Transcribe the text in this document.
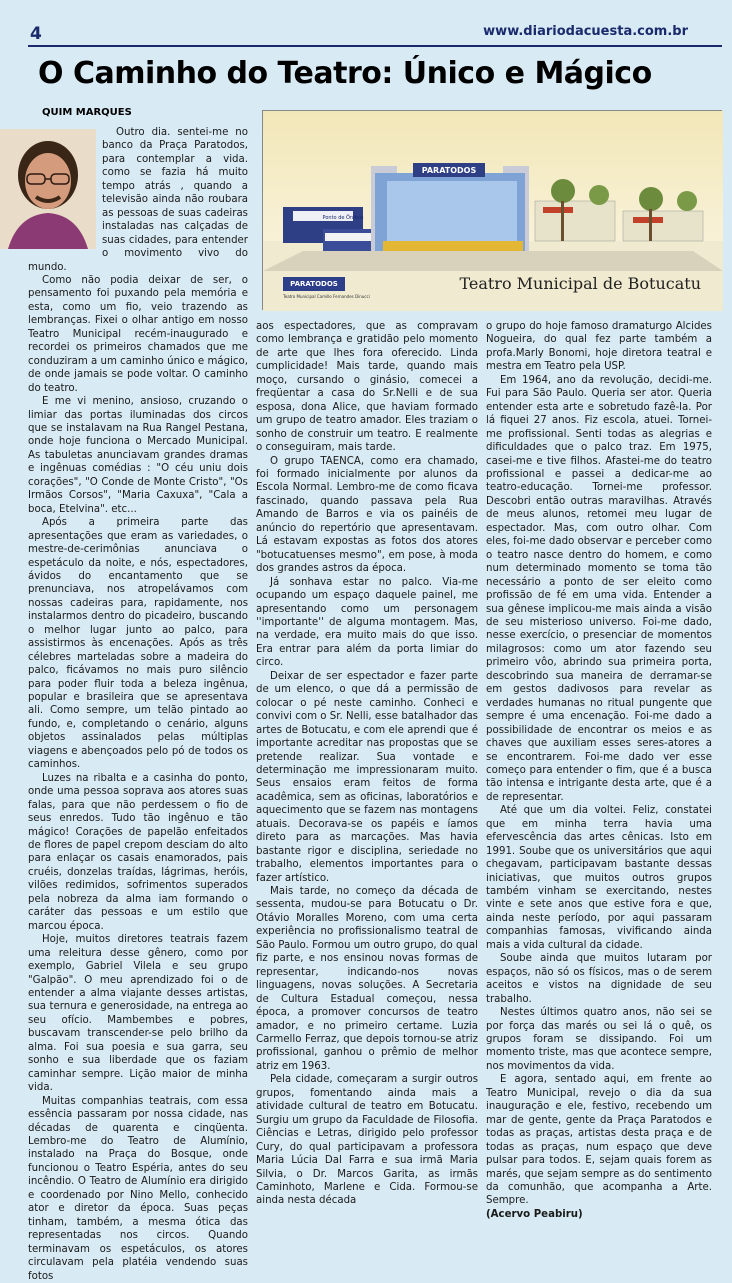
4	www.diariodacuesta.com.br
O Caminho do Teatro: Único e Mágico
QUIM MARQUES
PARATODOS
Ponto de Ônibus
PARATODOS
Teatro Municipal Camillo Fernandes Dinucci
Teatro Municipal de Botucatu

Outro dia. sentei-me no banco da Praça Paratodos, para contemplar a vida. como se fazia há muito tempo atrás , quando a televisão ainda não roubara as pessoas de suas cadeiras instaladas nas calçadas de suas cidades, para entender o movimento vivo do mundo.

Como não podia deixar de ser, o pensamento foi puxando pela memória e esta, como um fio, veio trazendo as lembranças. Fixei o olhar antigo em nosso Teatro Municipal recém-inaugurado e recordei os primeiros chamados que me conduziram a um caminho único e mágico, de onde jamais se pode voltar. O caminho do teatro.

E me vi menino, ansioso, cruzando o limiar das portas iluminadas dos circos que se instalavam na Rua Rangel Pestana, onde hoje funciona o Mercado Municipal. As tabuletas anunciavam grandes dramas e ingênuas comédias : "O céu uniu dois corações", "O Conde de Monte Cristo", "Os Irmãos Corsos", "Maria Caxuxa", "Cala a boca, Etelvina". etc...

Após a primeira parte das apresentações que eram as variedades, o mestre-de-cerimônias anunciava o espetáculo da noite, e nós, espectadores, ávidos do encantamento que se prenunciava, nos atropelávamos com nossas cadeiras para, rapidamente, nos instalarmos dentro do picadeiro, buscando o melhor lugar junto ao palco, para assistirmos às encenações. Após as três célebres marteladas sobre a madeira do palco, ficávamos no mais puro silêncio para poder fluir toda a beleza ingênua, popular e brasileira que se apresentava ali. Como sempre, um telão pintado ao fundo, e, completando o cenário, alguns objetos assinalados pelas múltiplas viagens e abençoados pelo pó de todos os caminhos.

Luzes na ribalta e a casinha do ponto, onde uma pessoa soprava aos atores suas falas, para que não perdessem o fio de seus enredos. Tudo tão ingênuo e tão mágico! Corações de papelão enfeitados de flores de papel crepom desciam do alto para enlaçar os casais enamorados, pais cruéis, donzelas traídas, lágrimas, heróis, vilões redimidos, sofrimentos superados pela nobreza da alma iam formando o caráter das pessoas e um estilo que marcou época.

Hoje, muitos diretores teatrais fazem uma releitura desse gênero, como por exemplo, Gabriel Vilela e seu grupo "Galpão". O meu aprendizado foi o de entender a alma viajante desses artistas, sua ternura e generosidade, na entrega ao seu ofício. Mambembes e pobres, buscavam transcender-se pelo brilho da alma. Foi sua poesia e sua garra, seu sonho e sua liberdade que os faziam caminhar sempre. Lição maior de minha vida.

Muitas companhias teatrais, com essa essência passaram por nossa cidade, nas décadas de quarenta e cinqüenta. Lembro-me do Teatro de Alumínio, instalado na Praça do Bosque, onde funcionou o Teatro Espéria, antes do seu incêndio. O Teatro de Alumínio era dirigido e coordenado por Nino Mello, conhecido ator e diretor da época. Suas peças tinham, também, a mesma ótica das representadas nos circos. Quando terminavam os espetáculos, os atores circulavam pela platéia vendendo suas fotos

aos espectadores, que as compravam como lembrança e gratidão pelo momento de arte que lhes fora oferecido. Linda cumplicidade! Mais tarde, quando mais moço, cursando o ginásio, comecei a freqüentar a casa do Sr.Nelli e de sua esposa, dona Alice, que haviam formado um grupo de teatro amador. Eles traziam o sonho de construir um teatro. E realmente o conseguiram, mais tarde.

O grupo TAENCA, como era chamado, foi formado inicialmente por alunos da Escola Normal. Lembro-me de como ficava fascinado, quando passava pela Rua Amando de Barros e via os painéis de anúncio do repertório que apresentavam. Lá estavam expostas as fotos dos atores "botucatuenses mesmo", em pose, à moda dos grandes astros da época.

Já sonhava estar no palco. Via-me ocupando um espaço daquele painel, me apresentando como um personagem ''importante'' de alguma montagem. Mas, na verdade, era muito mais do que isso. Era entrar para além da porta limiar do circo.

Deixar de ser espectador e fazer parte de um elenco, o que dá a permissão de colocar o pé neste caminho. Conheci e convivi com o Sr. Nelli, esse batalhador das artes de Botucatu, e com ele aprendi que é importante acreditar nas propostas que se pretende realizar. Sua vontade e determinação me impressionaram muito. Seus ensaios eram feitos de forma acadêmica, sem as oficinas, laboratórios e aquecimento que se fazem nas montagens atuais. Decorava-se os papéis e íamos direto para as marcações. Mas havia bastante rigor e disciplina, seriedade no trabalho, elementos importantes para o fazer artístico.

Mais tarde, no começo da década de sessenta, mudou-se para Botucatu o Dr. Otávio Moralles Moreno, com uma certa experiência no profissionalismo teatral de São Paulo. Formou um outro grupo, do qual fiz parte, e nos ensinou novas formas de representar, indicando-nos novas linguagens, novas soluções. A Secretaria de Cultura Estadual começou, nessa época, a promover concursos de teatro amador, e no primeiro certame. Luzia Carmello Ferraz, que depois tornou-se atriz profissional, ganhou o prêmio de melhor atriz em 1963.

Pela cidade, começaram a surgir outros grupos, fomentando ainda mais a atividade cultural de teatro em Botucatu. Surgiu um grupo da Faculdade de Filosofia. Ciências e Letras, dirigido pelo professor Cury, do qual participavam a professora Maria Lúcia Dal Farra e sua irmã Maria Silvia, o Dr. Marcos Garita, as irmãs Caminhoto, Marlene e Cida. Formou-se ainda nesta década

o grupo do hoje famoso dramaturgo Alcides Nogueira, do qual fez parte também a profa.Marly Bonomi, hoje diretora teatral e mestra em Teatro pela USP.

Em 1964, ano da revolução, decidi-me. Fui para São Paulo. Queria ser ator. Queria entender esta arte e sobretudo fazê-la. Por lá fiquei 27 anos. Fiz escola, atuei. Tornei-me profissional. Senti todas as alegrias e dificuldades que o palco traz. Em 1975, casei-me e tive filhos. Afastei-me do teatro profissional e passei a dedicar-me ao teatro-educação. Tornei-me professor. Descobri então outras maravilhas. Através de meus alunos, retomei meu lugar de espectador. Mas, com outro olhar. Com eles, foi-me dado observar e perceber como o teatro nasce dentro do homem, e como num determinado momento se toma tão necessário a ponto de ser eleito como profissão de fé em uma vida. Entender a sua gênese implicou-me mais ainda a visão de seu misterioso universo. Foi-me dado, nesse exercício, o presenciar de momentos milagrosos: como um ator fazendo seu primeiro vôo, abrindo sua primeira porta, descobrindo sua maneira de derramar-se em gestos dadivosos para revelar as verdades humanas no ritual pungente que sempre é uma encenação. Foi-me dado a possibilidade de encontrar os meios e as chaves que auxiliam esses seres-atores a se encontrarem. Foi-me dado ver esse começo para entender o fim, que é a busca tão intensa e intrigante desta arte, que é a de representar.

Até que um dia voltei. Feliz, constatei que em minha terra havia uma efervescência das artes cênicas. Isto em 1991. Soube que os universitários que aqui chegavam, participavam bastante dessas iniciativas, que muitos outros grupos também vinham se exercitando, nestes vinte e sete anos que estive fora e que, ainda neste período, por aqui passaram companhias famosas, vivificando ainda mais a vida cultural da cidade.

Soube ainda que muitos lutaram por espaços, não só os físicos, mas o de serem aceitos e vistos na dignidade de seu trabalho.

Nestes últimos quatro anos, não sei se por força das marés ou sei lá o quê, os grupos foram se dissipando. Foi um momento triste, mas que acontece sempre, nos movimentos da vida.

E agora, sentado aqui, em frente ao Teatro Municipal, revejo o dia da sua inauguração e ele, festivo, recebendo um mar de gente, gente da Praça Paratodos e todas as praças, artistas desta praça e de todas as praças, num espaço que deve pulsar para todos. E, sejam quais forem as marés, que sejam sempre as do sentimento da comunhão, que acompanha a Arte. Sempre.

(Acervo Peabiru)
